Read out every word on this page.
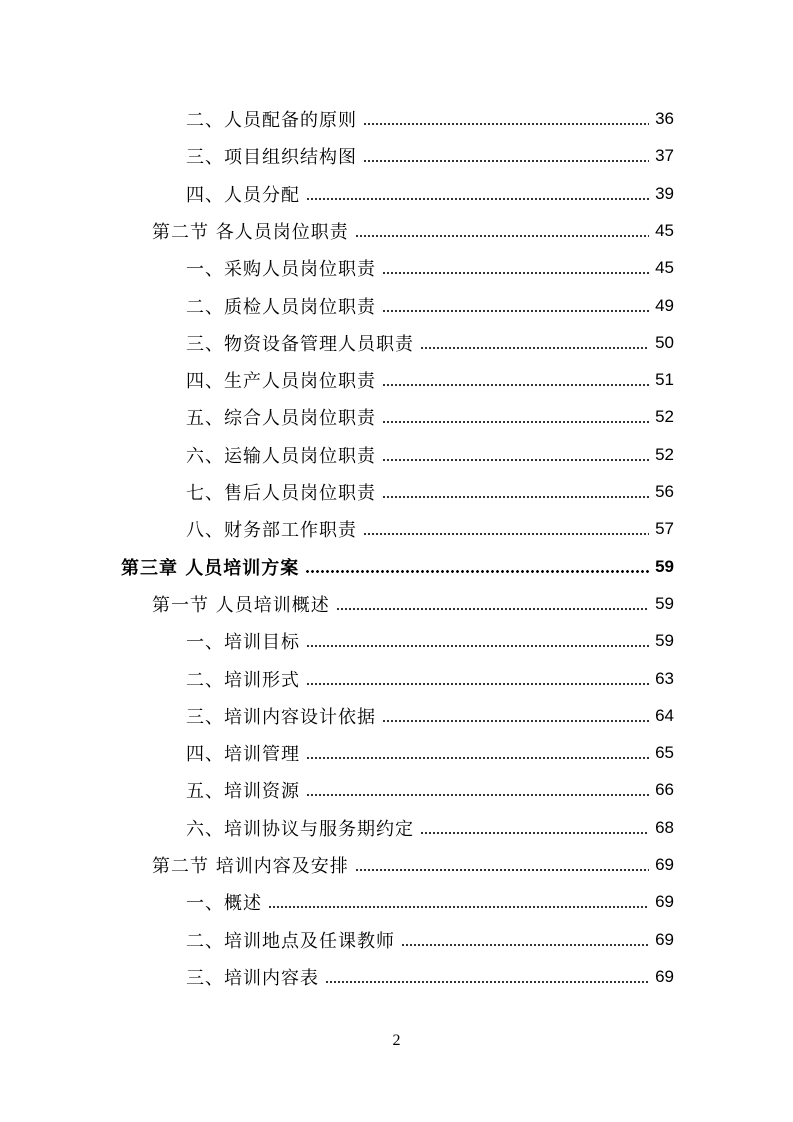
二、人员配备的原则	36
三、项目组织结构图	37
四、人员分配	39
第二节 各人员岗位职责	45
一、采购人员岗位职责	45
二、质检人员岗位职责	49
三、物资设备管理人员职责	50
四、生产人员岗位职责	51
五、综合人员岗位职责	52
六、运输人员岗位职责	52
七、售后人员岗位职责	56
八、财务部工作职责	57
第三章 人员培训方案	59
第一节 人员培训概述	59
一、培训目标	59
二、培训形式	63
三、培训内容设计依据	64
四、培训管理	65
五、培训资源	66
六、培训协议与服务期约定	68
第二节 培训内容及安排	69
一、概述	69
二、培训地点及任课教师	69
三、培训内容表	69
2
